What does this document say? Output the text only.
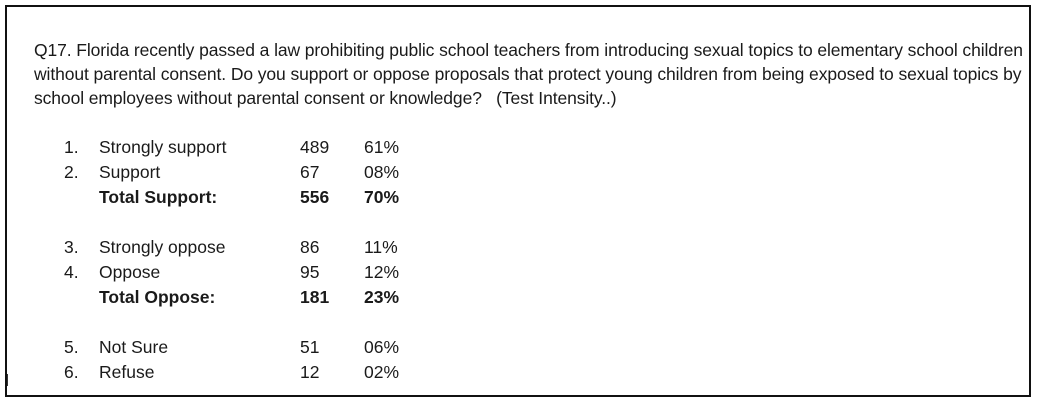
Q17. Florida recently passed a law prohibiting public school teachers from introducing sexual topics to elementary school children without parental consent. Do you support or oppose proposals that protect young children from being exposed to sexual topics by school employees without parental consent or knowledge?   (Test Intensity..)
1. Strongly support	489 61%
2. Support	67	08%
Total Support:	556 70%
3. Strongly oppose	86	11%
4. Oppose	95	12%
Total Oppose:	181 23%
5. Not Sure	51	06%
6. Refuse	12	02%
